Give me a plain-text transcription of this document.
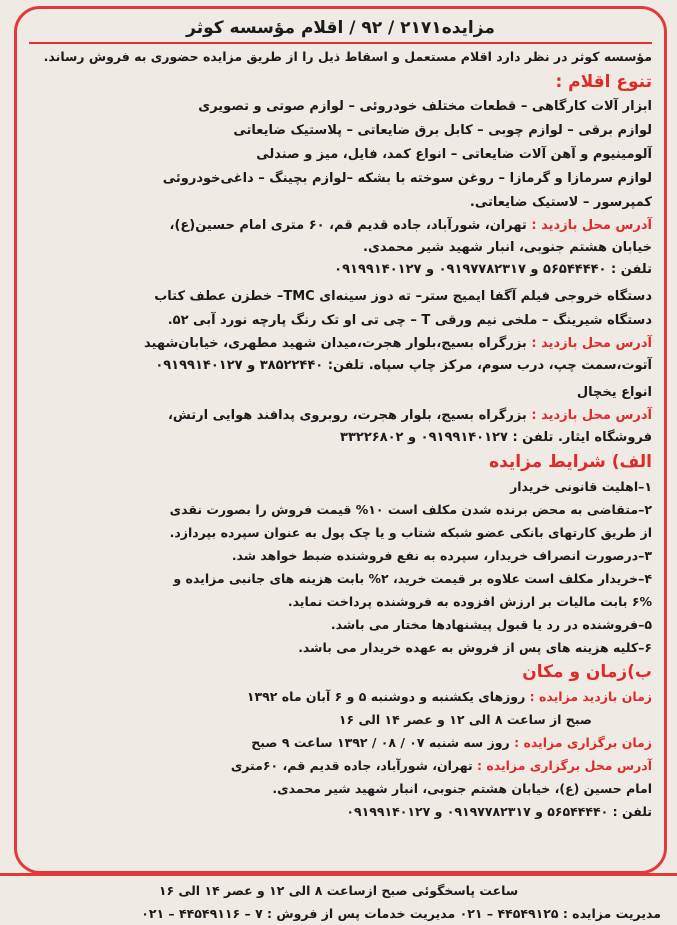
مزایده۲۱۷۱ / ۹۲ / اقلام مؤسسه کوثر

مؤسسه کوثر در نظر دارد اقلام مستعمل و اسقاط ذیل را از طریق مزایده حضوری به فروش رساند.

تنوع اقلام :

ابزار آلات کارگاهی – قطعات مختلف خودروئی – لوازم صوتی و تصویری

لوازم برقی – لوازم چوبی – کابل برق ضایعاتی – پلاستیک ضایعاتی

آلومینیوم و آهن آلات ضایعاتی – انواع کمد، فایل، میز و صندلی

لوازم سرمازا و گرمازا – روغن سوخته با بشکه –لوازم بچینگ – داغی‌خودروئی

کمپرسور – لاستیک ضایعاتی.

آدرس محل بازدید : تهران، شورآباد، جاده قدیم قم، ۶۰ متری امام حسین(ع)،

خیابان هشتم جنوبی، انبار شهید شیر محمدی.

تلفن : ۵۶۵۴۴۴۴۰ و ۰۹۱۹۷۷۸۲۳۱۷ و ۰۹۱۹۹۱۴۰۱۲۷

دستگاه خروجی فیلم آگفا ایمیج ستر– ته دوز سینه‌ای TMC– خطزن عطف کتاب

دستگاه شیرینگ – ملخی نیم ورقی T – چی تی او تک رنگ پارچه نورد آبی ۵۲.

آدرس محل بازدید : بزرگراه بسیج،بلوار هجرت،میدان شهید مطهری، خیابان‌شهید

آتوت،سمت چپ، درب سوم، مرکز چاپ سپاه. تلفن: ۳۸۵۲۲۴۴۰ و ۰۹۱۹۹۱۴۰۱۲۷

انواع یخچال

آدرس محل بازدید : بزرگراه بسیج، بلوار هجرت، روبروی پدافند هوایی ارتش،

فروشگاه ایثار. تلفن : ۰۹۱۹۹۱۴۰۱۲۷ و ۳۳۲۲۶۸۰۲

الف) شرایط مزایده

۱–اهلیت قانونی خریدار

۲–متقاضی به محض برنده شدن مکلف است ۱۰% قیمت فروش را بصورت نقدی

از طریق کارتهای بانکی عضو شبکه شتاب و یا چک پول به عنوان سپرده بپردازد.

۳–درصورت انصراف خریدار، سپرده به نفع فروشنده ضبط خواهد شد.

۴–خریدار مکلف است علاوه بر قیمت خرید، ۲% بابت هزینه های جانبی مزایده و

۶% بابت مالیات بر ارزش افزوده به فروشنده پرداخت نماید.

۵–فروشنده در رد یا قبول پیشنهادها مختار می باشد.

۶–کلیه هزینه های پس از فروش به عهده خریدار می باشد.

ب)زمان و مکان

زمان بازدید مزایده : روزهای یکشنبه و دوشنبه ۵ و ۶ آبان ماه ۱۳۹۲

صبح از ساعت ۸ الی ۱۲ و عصر ۱۴ الی ۱۶

زمان برگزاری مزایده : روز سه شنبه ۰۷ / ۰۸ / ۱۳۹۲ ساعت ۹ صبح

آدرس محل برگزاری مزایده : تهران، شورآباد، جاده قدیم قم، ۶۰متری

امام حسین (ع)، خیابان هشتم جنوبی، انبار شهید شیر محمدی.

تلفن : ۵۶۵۴۴۴۴۰ و ۰۹۱۹۷۷۸۲۳۱۷ و ۰۹۱۹۹۱۴۰۱۲۷

ساعت پاسخگوئی صبح ازساعت ۸ الی ۱۲ و عصر ۱۴ الی ۱۶
مدیریت مزایده : ۴۴۵۴۹۱۲۵ – ۰۲۱ مدیریت خدمات پس از فروش : ۷ – ۴۴۵۴۹۱۱۶ – ۰۲۱
